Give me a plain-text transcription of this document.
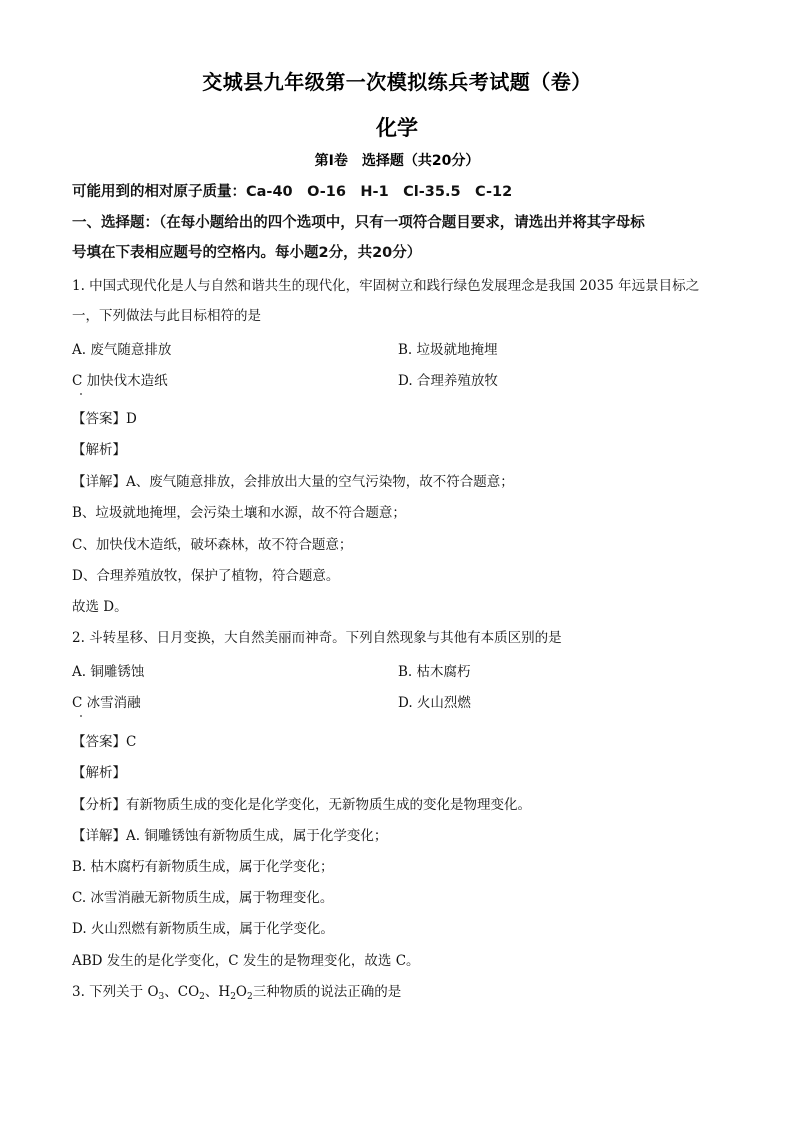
交城县九年级第一次模拟练兵考试题（卷）
化学
第Ⅰ卷　选择题（共20分）
可能用到的相对原子质量：Ca-40　O-16　H-1　Cl-35.5　C-12
一、选择题：（在每小题给出的四个选项中，只有一项符合题目要求，请选出并将其字母标
号填在下表相应题号的空格内。每小题2分，共20分）
1. 中国式现代化是人与自然和谐共生的现代化，牢固树立和践行绿色发展理念是我国 2035 年远景目标之
一，下列做法与此目标相符的是
A. 废气随意排放	B. 垃圾就地掩埋
C 加快伐木造纸	D. 合理养殖放牧
【答案】D
【解析】
【详解】A、废气随意排放，会排放出大量的空气污染物，故不符合题意；
B、垃圾就地掩埋，会污染土壤和水源，故不符合题意；
C、加快伐木造纸，破坏森林，故不符合题意；
D、合理养殖放牧，保护了植物，符合题意。
故选 D。
2. 斗转星移、日月变换，大自然美丽而神奇。下列自然现象与其他有本质区别的是
A. 铜雕锈蚀	B. 枯木腐朽
C 冰雪消融	D. 火山烈燃
【答案】C
【解析】
【分析】有新物质生成的变化是化学变化，无新物质生成的变化是物理变化。
【详解】A. 铜雕锈蚀有新物质生成，属于化学变化；
B. 枯木腐朽有新物质生成，属于化学变化；
C. 冰雪消融无新物质生成，属于物理变化。
D. 火山烈燃有新物质生成，属于化学变化。
ABD 发生的是化学变化，C 发生的是物理变化，故选 C。
3. 下列关于 $O_3$、$CO_2$、$H_2O_2$三种物质的说法正确的是
